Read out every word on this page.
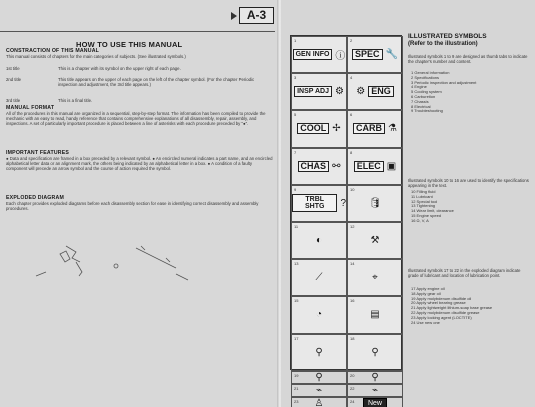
A-3
HOW TO USE THIS MANUAL
CONSTRACTION OF THIS MANUAL
This manual consists of chapters for the main categories of subjects. (See illustrated symbols.)
1st title	This is a chapter with its symbol on the upper right of each page.
2nd title	This title appears on the upper of each page on the left of the chapter symbol. (For the chapter Periodic inspection and adjustment, the 3rd title appears.)
3rd title	This is a final title.
MANUAL FORMAT
All of the procedures in this manual are organized in a sequential, step-by-step format. The information has been compiled to provide the mechanic with an easy to read, handy reference that contains comprehensive explanations of all disassembly, repair, assembly, and inspections. A set of particularly important procedure is placed between a line of asterisks with each procedure preceded by "●".
IMPORTANT FEATURES
● Data and specification are framed in a box preceded by a relevant symbol. ● An encircled numeral indicates a part name, and an encircled alphabetical letter data or an alignment mark, the others being indicated by an alphabetical letter in a box. ● A condition of a faulty component will precede an arrow symbol and the course of action required the symbol.
EXPLODED DIAGRAM
Each chapter provides exploded diagrams before each disassembly section for ease in identifying correct disassembly and assembly procedures.
1
GEN INFO ⓘ
2
SPEC 🔧
3
INSP ADJ ⚙
4
⚙ ENG
5
COOL ✢
6
CARB ⚗
7
CHAS ⚯
8
ELEC ▣
9
TRBL SHTG	?
10
🛢
11
◐
12
⚒
13
⟋
14
⌖
15
◔
16
▤
17
⚲
18
⚲
19 ⚲	20 ⚲
21 ⌁	22 ⌁
23 ♙	24	New
ILLUSTRATED SYMBOLS
(Refer to the illustration)
Illustrated symbols 1 to 9 are designed as thumb tabs to indicate the chapter's number and content.
1 General information
2 Specifications
3 Periodic inspection and adjustment
4 Engine
5 Cooling system
6 Carburetion
7 Chassis
8 Electrical
9 Troubleshooting
Illustrated symbols 10 to 16 are used to identify the specifications appearing in the text.
10 Filling fluid
11 Lubricant
12 Special tool
13 Tightening
14 Wear limit, clearance
15 Engine speed
16 Ω, V, A
Illustrated symbols 17 to 22 in the exploded diagram indicate grade of lubricant and location of lubrication point.
17 Apply engine oil
18 Apply gear oil
19 Apply molybdenum disulfide oil
20 Apply wheel bearing grease
21 Apply lightweight lithium-soap base grease
22 Apply molybdenum disulfide grease
23 Apply locking agent (LOCTITE)
24 Use new one
